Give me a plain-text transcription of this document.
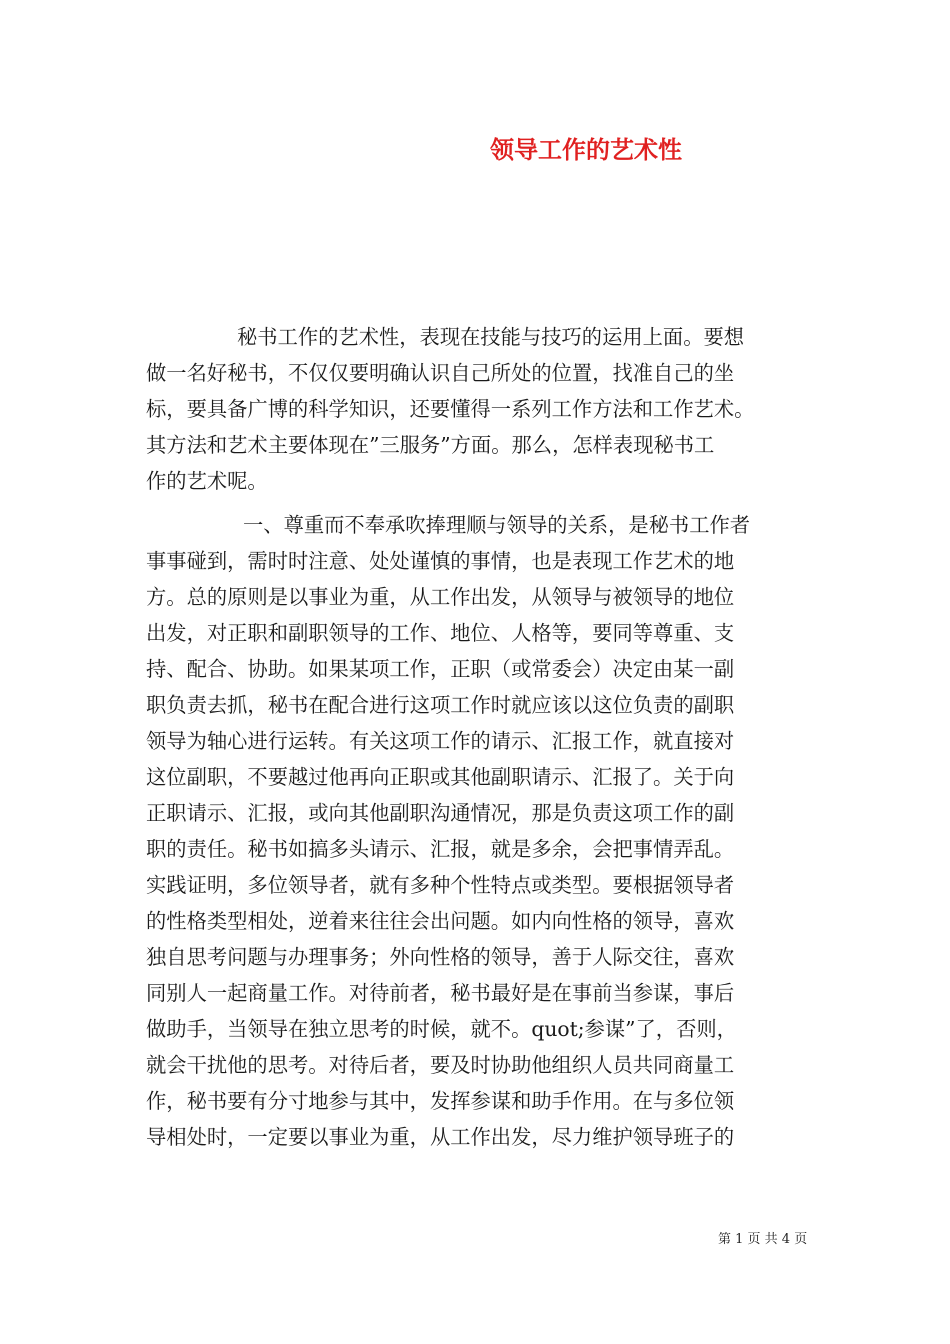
领导工作的艺术性
秘书工作的艺术性，表现在技能与技巧的运用上面。要想
做一名好秘书，不仅仅要明确认识自己所处的位置，找准自己的坐
标，要具备广博的科学知识，还要懂得一系列工作方法和工作艺术。
其方法和艺术主要体现在”三服务”方面。那么，怎样表现秘书工
作的艺术呢。
一、尊重而不奉承吹捧理顺与领导的关系，是秘书工作者
事事碰到，需时时注意、处处谨慎的事情，也是表现工作艺术的地
方。总的原则是以事业为重，从工作出发，从领导与被领导的地位
出发，对正职和副职领导的工作、地位、人格等，要同等尊重、支
持、配合、协助。如果某项工作，正职（或常委会）决定由某一副
职负责去抓，秘书在配合进行这项工作时就应该以这位负责的副职
领导为轴心进行运转。有关这项工作的请示、汇报工作，就直接对
这位副职，不要越过他再向正职或其他副职请示、汇报了。关于向
正职请示、汇报，或向其他副职沟通情况，那是负责这项工作的副
职的责任。秘书如搞多头请示、汇报，就是多余，会把事情弄乱。
实践证明，多位领导者，就有多种个性特点或类型。要根据领导者
的性格类型相处，逆着来往往会出问题。如内向性格的领导，喜欢
独自思考问题与办理事务；外向性格的领导，善于人际交往，喜欢
同别人一起商量工作。对待前者，秘书最好是在事前当参谋，事后
做助手，当领导在独立思考的时候，就不。quot;参谋”了，否则，
就会干扰他的思考。对待后者，要及时协助他组织人员共同商量工
作，秘书要有分寸地参与其中，发挥参谋和助手作用。在与多位领
导相处时，一定要以事业为重，从工作出发，尽力维护领导班子的
第 1 页 共 4 页
